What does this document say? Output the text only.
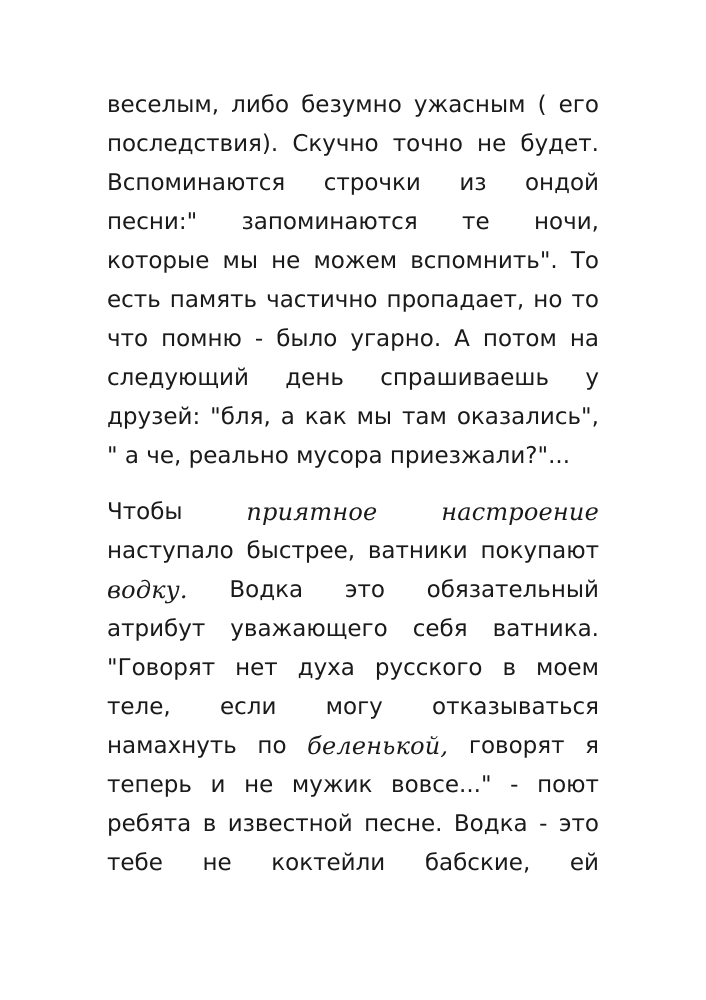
веселым, либо безумно ужасным ( его
последствия). Скучно точно не будет.
Вспоминаются строчки из ондой
песни:" запоминаются те ночи,
которые мы не можем вспомнить". То
есть память частично пропадает, но то
что помню - было угарно. А потом на
следующий день спрашиваешь у
друзей: "бля, а как мы там оказались",
" а че, реально мусора приезжали?"...
Чтобы	приятное	настроение
наступало быстрее, ватники покупают
водку. Водка это обязательный
атрибут уважающего себя ватника.
"Говорят нет духа русского в моем
теле, если могу отказываться
намахнуть по беленькой, говорят я
теперь и не мужик вовсе..." - поют
ребята в известной песне. Водка - это
тебе не коктейли бабские, ей
